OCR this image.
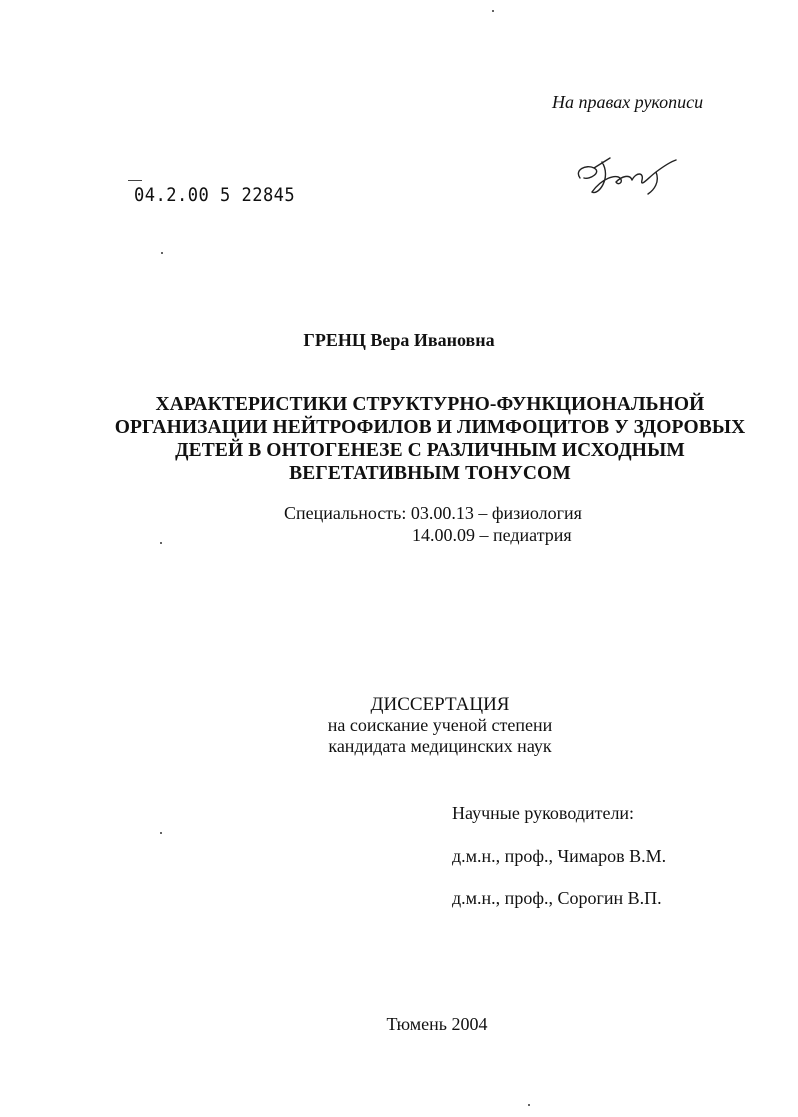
На правах рукописи
04.2.00 5 22845
ГРЕНЦ Вера Ивановна
ХАРАКТЕРИСТИКИ СТРУКТУРНО-ФУНКЦИОНАЛЬНОЙ
ОРГАНИЗАЦИИ НЕЙТРОФИЛОВ И ЛИМФОЦИТОВ У ЗДОРОВЫХ
ДЕТЕЙ В ОНТОГЕНЕЗЕ С РАЗЛИЧНЫМ ИСХОДНЫМ
ВЕГЕТАТИВНЫМ ТОНУСОМ
Специальность: 03.00.13 – физиология
14.00.09 – педиатрия
ДИССЕРТАЦИЯ
на соискание ученой степени
кандидата медицинских наук
Научные руководители:
д.м.н., проф., Чимаров В.М.
д.м.н., проф., Сорогин В.П.
Тюмень 2004
